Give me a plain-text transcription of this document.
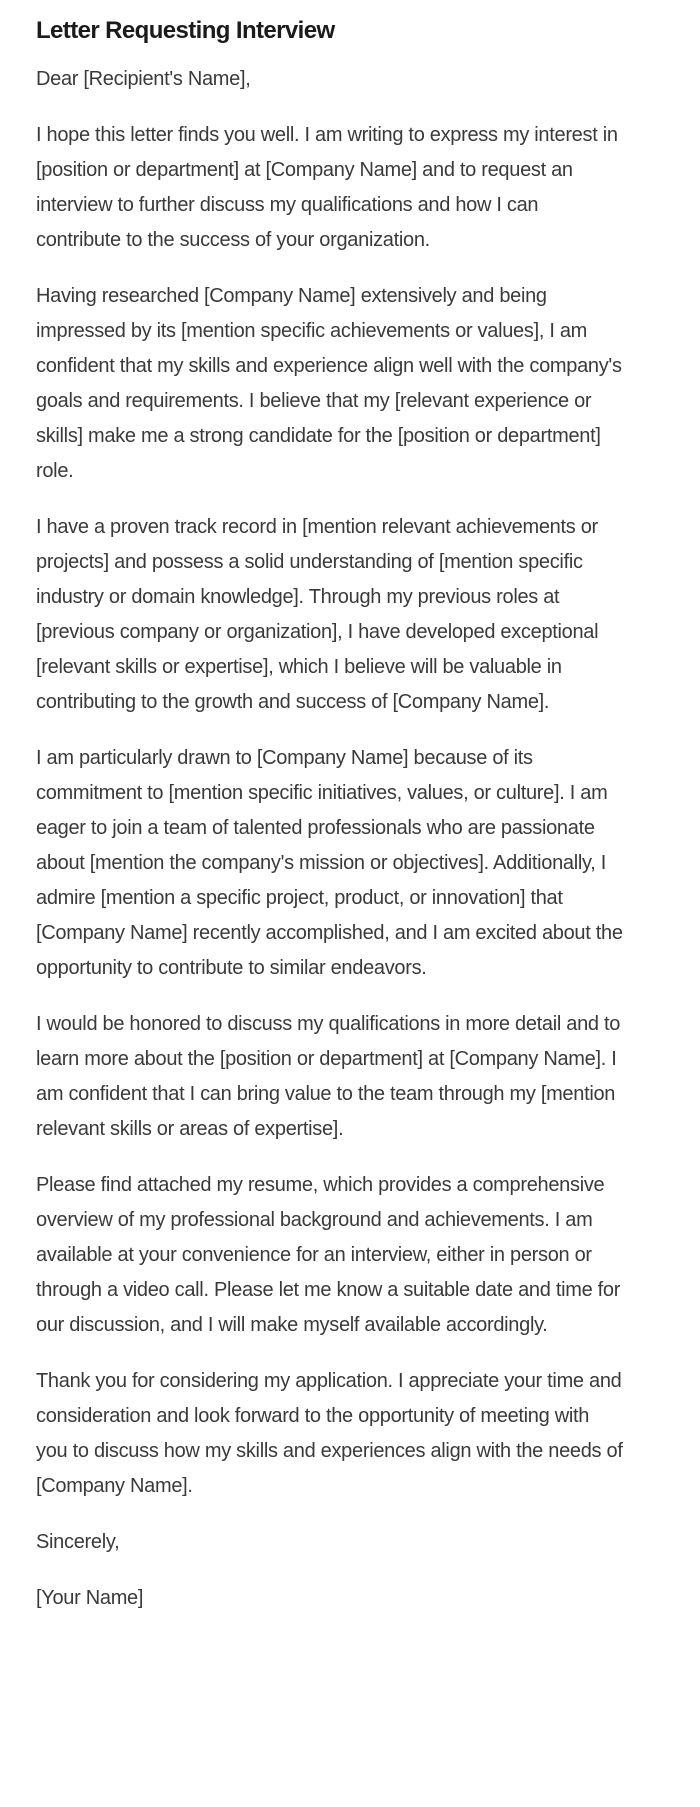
Letter Requesting Interview

Dear [Recipient's Name],

I hope this letter finds you well. I am writing to express my interest in [position or department] at [Company Name] and to request an interview to further discuss my qualifications and how I can contribute to the success of your organization.

Having researched [Company Name] extensively and being impressed by its [mention specific achievements or values], I am confident that my skills and experience align well with the company's goals and requirements. I believe that my [relevant experience or skills] make me a strong candidate for the [position or department] role.

I have a proven track record in [mention relevant achievements or projects] and possess a solid understanding of [mention specific industry or domain knowledge]. Through my previous roles at [previous company or organization], I have developed exceptional [relevant skills or expertise], which I believe will be valuable in contributing to the growth and success of [Company Name].

I am particularly drawn to [Company Name] because of its commitment to [mention specific initiatives, values, or culture]. I am eager to join a team of talented professionals who are passionate about [mention the company's mission or objectives]. Additionally, I admire [mention a specific project, product, or innovation] that [Company Name] recently accomplished, and I am excited about the opportunity to contribute to similar endeavors.

I would be honored to discuss my qualifications in more detail and to learn more about the [position or department] at [Company Name]. I am confident that I can bring value to the team through my [mention relevant skills or areas of expertise].

Please find attached my resume, which provides a comprehensive overview of my professional background and achievements. I am available at your convenience for an interview, either in person or through a video call. Please let me know a suitable date and time for our discussion, and I will make myself available accordingly.

Thank you for considering my application. I appreciate your time and consideration and look forward to the opportunity of meeting with you to discuss how my skills and experiences align with the needs of [Company Name].

Sincerely,

[Your Name]
